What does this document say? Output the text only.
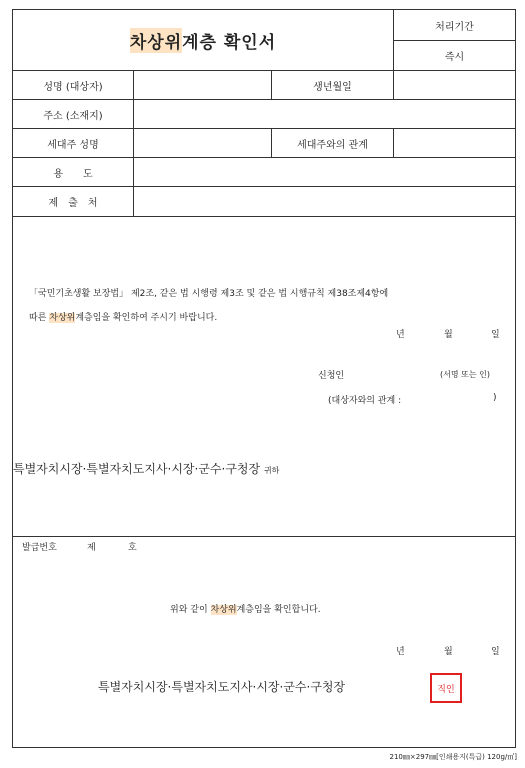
차상위 계층 확인서
처리기간
즉시
성명 (대상자)	생년월일
주소 (소재지)
세대주 성명	세대주와의 관계
용　　도
제　출　처
「국민기초생활 보장법」 제2조, 같은 법 시행령 제3조 및 같은 법 시행규칙 제38조제4항에
따른 차상위계층임을 확인하여 주시기 바랍니다.
년	월	일
신청인	(서명 또는 인)
(대상자와의 관계 :	)
특별자치시장·특별자치도지사·시장·군수·구청장 귀하
발급번호	제	호
위와 같이 차상위계층임을 확인합니다.
년	월	일
특별자치시장·특별자치도지사·시장·군수·구청장	직인
210㎜×297㎜[인쇄용지(특급) 120g/㎡]
